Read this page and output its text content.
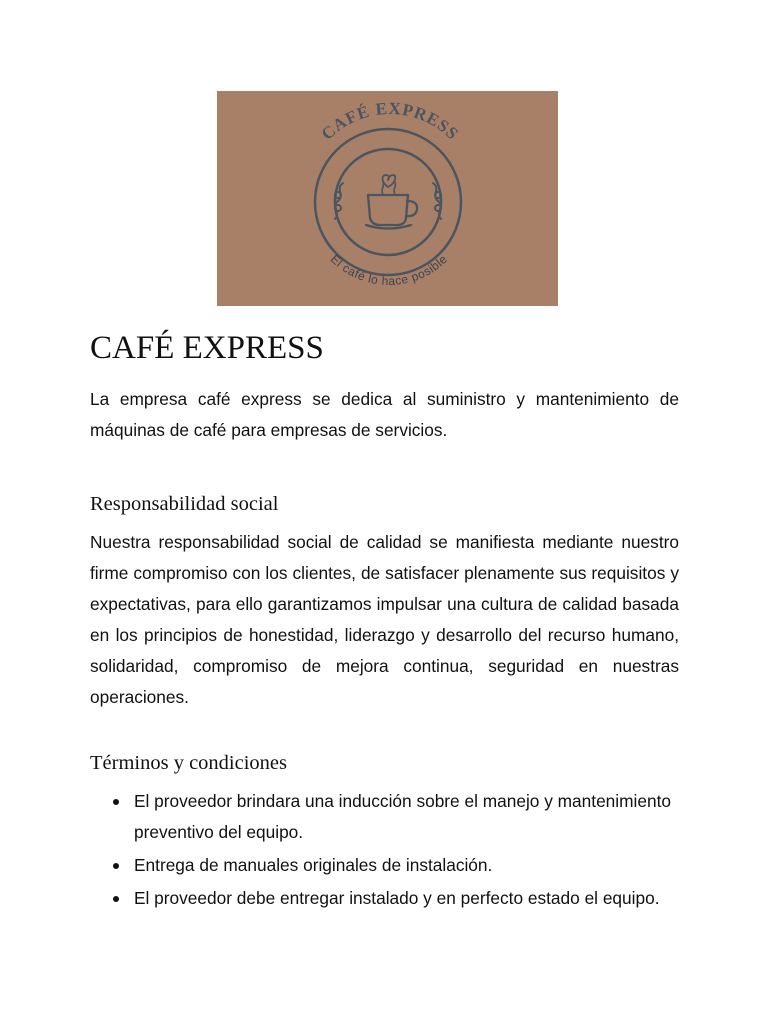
CAFÉ EXPRESS
El café lo hace posible
CAFÉ EXPRESS

La empresa café express se dedica al suministro y mantenimiento de máquinas de café para empresas de servicios.

Responsabilidad social

Nuestra responsabilidad social de calidad se manifiesta mediante nuestro firme compromiso con los clientes, de satisfacer plenamente sus requisitos y expectativas, para ello garantizamos impulsar una cultura de calidad basada en los principios de honestidad, liderazgo y desarrollo del recurso humano, solidaridad, compromiso de mejora continua, seguridad en nuestras operaciones.

Términos y condiciones
El proveedor brindara una inducción sobre el manejo y mantenimiento preventivo del equipo.
Entrega de manuales originales de instalación.
El proveedor debe entregar instalado y en perfecto estado el equipo.
